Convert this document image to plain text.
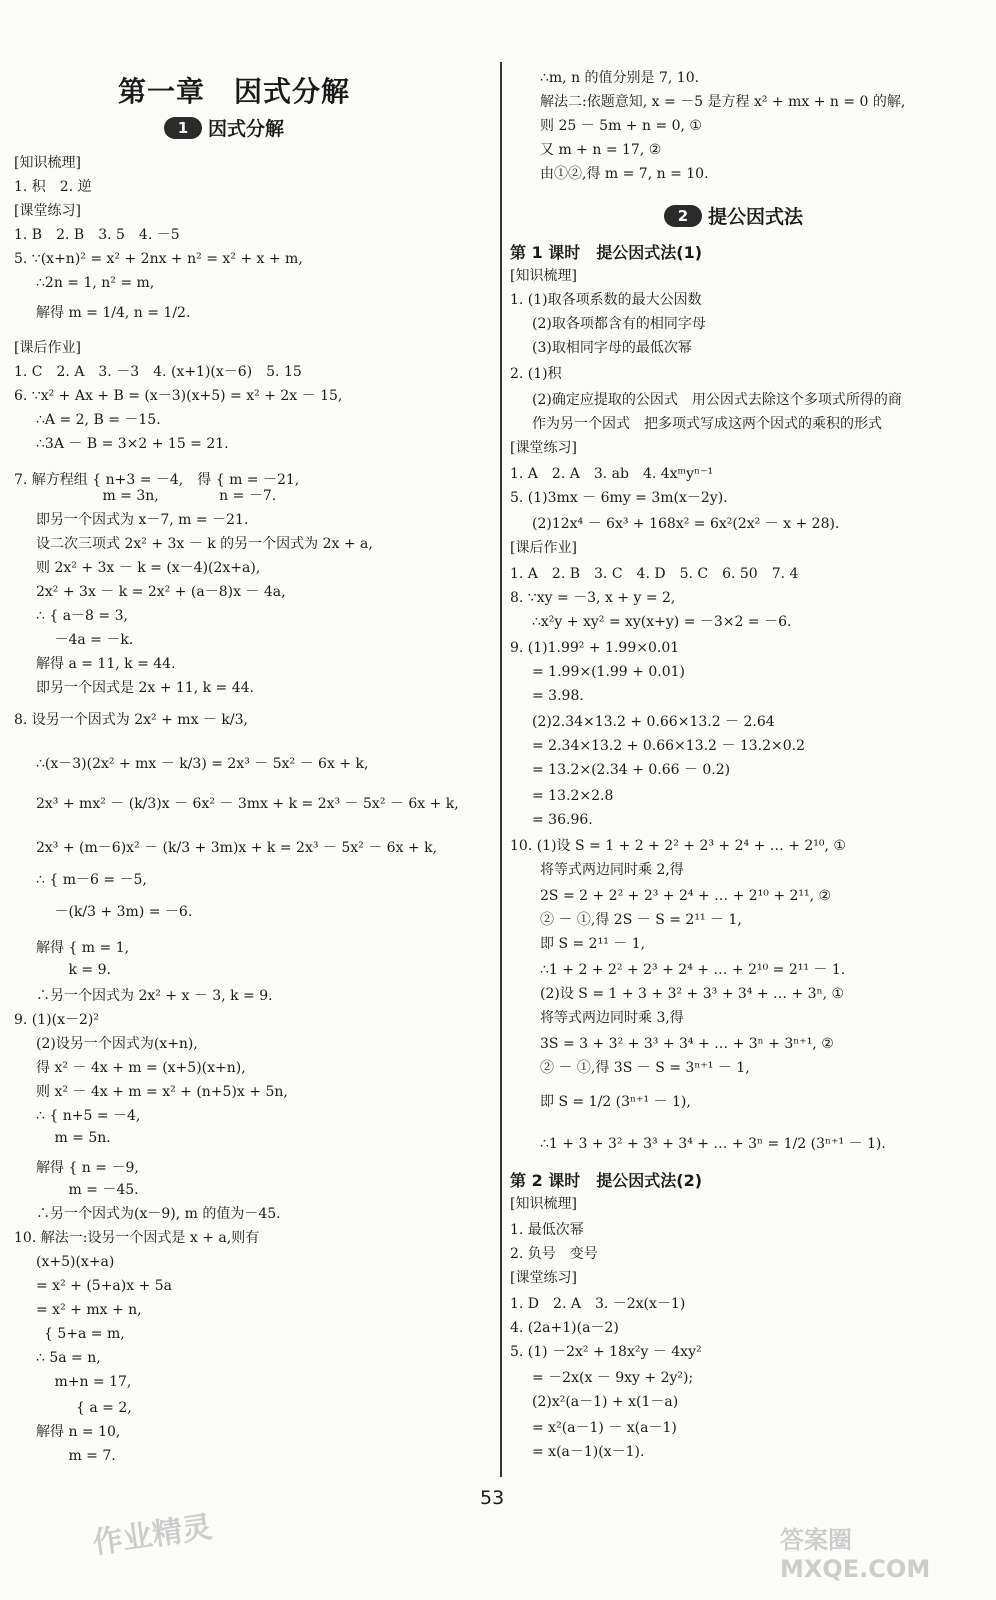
第一章　因式分解
1	因式分解
[知识梳理]
1. 积　2. 逆
[课堂练习]
1. B　2. B　3. 5　4. －5
5. ∵(x+n)² = x² + 2nx + n² = x² + x + m,
∴2n = 1, n² = m,
解得 m = 1/4, n = 1/2.
[课后作业]
1. C　2. A　3. －3　4. (x+1)(x－6)　5. 15
6. ∵x² + Ax + B = (x－3)(x+5) = x² + 2x － 15,
∴A = 2, B = －15.
∴3A － B = 3×2 + 15 = 21.
7. 解方程组 { n+3 = －4,　得 { m = －21,
　　　　　　 m = 3n,　　　　 n = －7.
即另一个因式为 x－7, m = －21.
设二次三项式 2x² + 3x － k 的另一个因式为 2x + a,
则 2x² + 3x － k = (x－4)(2x+a),
2x² + 3x － k = 2x² + (a－8)x － 4a,
∴ { a－8 = 3,
　 －4a = －k.
解得 a = 11, k = 44.
即另一个因式是 2x + 11, k = 44.
8. 设另一个因式为 2x² + mx － k/3,
∴(x－3)(2x² + mx － k/3) = 2x³ － 5x² － 6x + k,
2x³ + mx² － (k/3)x － 6x² － 3mx + k = 2x³ － 5x² － 6x + k,
2x³ + (m－6)x² － (k/3 + 3m)x + k = 2x³ － 5x² － 6x + k,
∴ { m－6 = －5,
　 －(k/3 + 3m) = －6.
解得 { m = 1,
　　 k = 9.
∴另一个因式为 2x² + x － 3, k = 9.
9. (1)(x－2)²
(2)设另一个因式为(x+n),
得 x² － 4x + m = (x+5)(x+n),
则 x² － 4x + m = x² + (n+5)x + 5n,
∴ { n+5 = －4,
　 m = 5n.
解得 { n = －9,
　　 m = －45.
∴另一个因式为(x－9), m 的值为－45.
10. 解法一:设另一个因式是 x + a,则有
(x+5)(x+a)
= x² + (5+a)x + 5a
= x² + mx + n,
{ 5+a = m,
∴ 5a = n,
　 m+n = 17,
{ a = 2,
解得 n = 10,
　　 m = 7.
2	提公因式法
第 1 课时　提公因式法(1)
第 2 课时　提公因式法(2)
∴m, n 的值分别是 7, 10.
解法二:依题意知, x = －5 是方程 x² + mx + n = 0 的解,
则 25 － 5m + n = 0, ①
又 m + n = 17, ②
由①②,得 m = 7, n = 10.
[知识梳理]
1. (1)取各项系数的最大公因数
(2)取各项都含有的相同字母
(3)取相同字母的最低次幂
2. (1)积
(2)确定应提取的公因式　用公因式去除这个多项式所得的商
作为另一个因式　把多项式写成这两个因式的乘积的形式
[课堂练习]
1. A　2. A　3. ab　4. 4xᵐyⁿ⁻¹
5. (1)3mx － 6my = 3m(x－2y).
(2)12x⁴ － 6x³ + 168x² = 6x²(2x² － x + 28).
[课后作业]
1. A　2. B　3. C　4. D　5. C　6. 50　7. 4
8. ∵xy = －3, x + y = 2,
∴x²y + xy² = xy(x+y) = －3×2 = －6.
9. (1)1.99² + 1.99×0.01
= 1.99×(1.99 + 0.01)
= 3.98.
(2)2.34×13.2 + 0.66×13.2 － 2.64
= 2.34×13.2 + 0.66×13.2 － 13.2×0.2
= 13.2×(2.34 + 0.66 － 0.2)
= 13.2×2.8
= 36.96.
10. (1)设 S = 1 + 2 + 2² + 2³ + 2⁴ + … + 2¹⁰, ①
将等式两边同时乘 2,得
2S = 2 + 2² + 2³ + 2⁴ + … + 2¹⁰ + 2¹¹, ②
② － ①,得 2S － S = 2¹¹ － 1,
即 S = 2¹¹ － 1,
∴1 + 2 + 2² + 2³ + 2⁴ + … + 2¹⁰ = 2¹¹ － 1.
(2)设 S = 1 + 3 + 3² + 3³ + 3⁴ + … + 3ⁿ, ①
将等式两边同时乘 3,得
3S = 3 + 3² + 3³ + 3⁴ + … + 3ⁿ + 3ⁿ⁺¹, ②
② － ①,得 3S － S = 3ⁿ⁺¹ － 1,
即 S = 1/2 (3ⁿ⁺¹ － 1),
∴1 + 3 + 3² + 3³ + 3⁴ + … + 3ⁿ = 1/2 (3ⁿ⁺¹ － 1).
[知识梳理]
1. 最低次幂
2. 负号　变号
[课堂练习]
1. D　2. A　3. －2x(x－1)
4. (2a+1)(a－2)
5. (1) －2x² + 18x²y － 4xy²
= －2x(x － 9xy + 2y²);
(2)x²(a－1) + x(1－a)
= x²(a－1) － x(a－1)
= x(a－1)(x－1).
53
作业精灵	答案圈 MXQE.COM
